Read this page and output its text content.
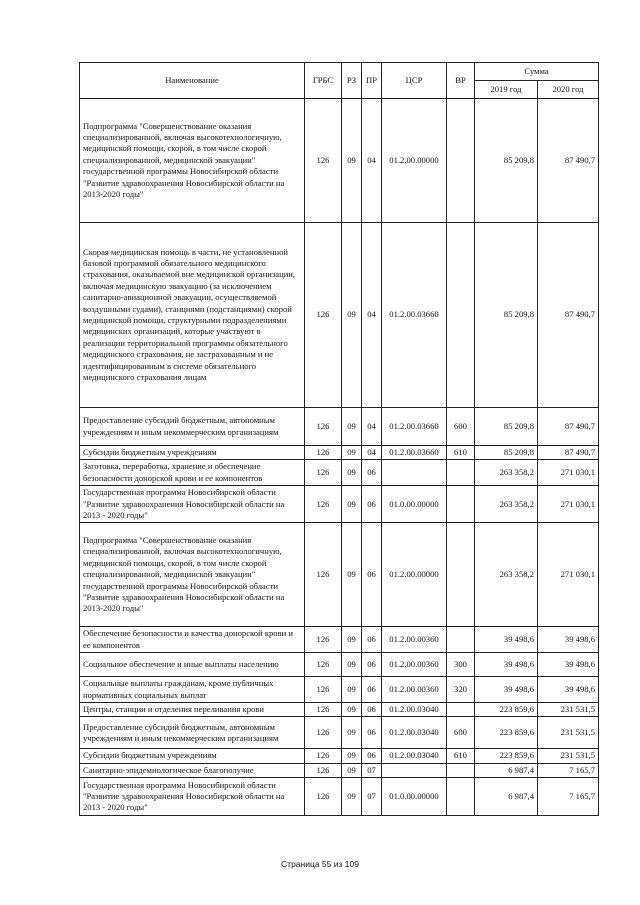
Наименование	ГРБС	РЗ	ПР	ЦСР	ВР	Сумма	
						2019 год	2020 год
Подпрограмма "Совершенствование оказания специализированной, включая высокотехнологичную, медицинской помощи, скорой, в том числе скорой специализированной, медицинской эвакуации" государственной программы Новосибирской области "Развитие здравоохранения Новосибирской области на 2013-2020 годы"	126	09	04	01.2.00.00000		85 209,8	87 490,7
Скорая медицинская помощь в части, не установленной базовой программой обязательного медицинского страхования, оказываемой вне медицинской организации, включая медицинскую эвакуацию (за исключением санитарно-авиационной эвакуации, осуществляемой воздушными судами), станциями (подстанциями) скорой медицинской помощи, структурными подразделениями медицинских организаций, которые участвуют в реализации территориальной программы обязательного медицинского страхования, не застрахованным и не идентифицированным в системе обязательного медицинского страхования лицам	126	09	04	01.2.00.03660		85 209,8	87 490,7
Предоставление субсидий бюджетным, автономным учреждениям и иным некоммерческим организациям	126	09	04	01.2.00.03660	600	85 209,8	87 490,7
Субсидии бюджетным учреждениям	126	09	04	01.2.00.03660	610	85 209,8	87 490,7
Заготовка, переработка, хранение и обеспечение безопасности донорской крови и ее компонентов	126	09	06			263 358,2	271 030,1
Государственная программа Новосибирской области "Развитие здравоохранения Новосибирской области на 2013 - 2020 годы"	126	09	06	01.0.00.00000		263 358,2	271 030,1
Подпрограмма "Совершенствование оказания специализированной, включая высокотехнологичную, медицинской помощи, скорой, в том числе скорой специализированной, медицинской эвакуации" государственной программы Новосибирской области "Развитие здравоохранения Новосибирской области на 2013-2020 годы"	126	09	06	01.2.00.00000		263 358,2	271 030,1
Обеспечение безопасности и качества донорской крови и ее компонентов	126	09	06	01.2.00.00360		39 498,6	39 498,6
Социальное обеспечение и иные выплаты населению	126	09	06	01.2.00.00360	300	39 498,6	39 498,6
Социальные выплаты гражданам, кроме публичных нормативных социальных выплат	126	09	06	01.2.00.00360	320	39 498,6	39 498,6
Центры, станции и отделения переливания крови	126	09	06	01.2.00.03040		223 859,6	231 531,5
Предоставление субсидий бюджетным, автономным учреждениям и иным некоммерческим организациям	126	09	06	01.2.00.03040	600	223 859,6	231 531,5
Субсидии бюджетным учреждениям	126	09	06	01.2.00.03040	610	223 859,6	231 531,5
Санитарно-эпидемиологическое благополучие	126	09	07			6 987,4	7 165,7
Государственная программа Новосибирской области "Развитие здравоохранения Новосибирской области на 2013 - 2020 годы"	126	09	07	01.0.00.00000		6 987,4	7 165,7
Страница 55 из 109
